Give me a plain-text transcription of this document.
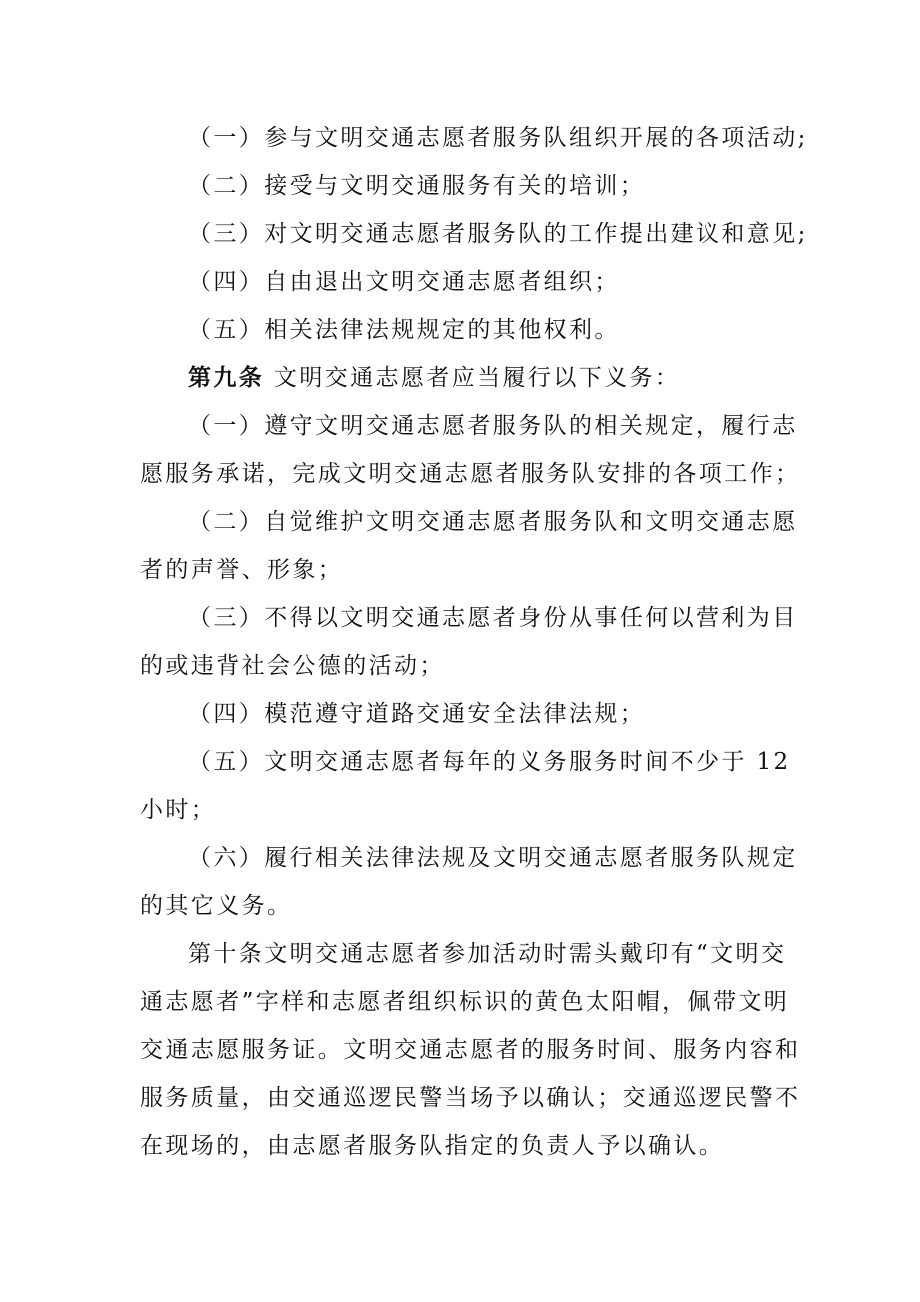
（一）参与文明交通志愿者服务队组织开展的各项活动;
（二）接受与文明交通服务有关的培训；
（三）对文明交通志愿者服务队的工作提出建议和意见;
（四）自由退出文明交通志愿者组织；
（五）相关法律法规规定的其他权利。
第九条 文明交通志愿者应当履行以下义务：
（一）遵守文明交通志愿者服务队的相关规定，履行志
愿服务承诺，完成文明交通志愿者服务队安排的各项工作；
（二）自觉维护文明交通志愿者服务队和文明交通志愿
者的声誉、形象；
（三）不得以文明交通志愿者身份从事任何以营利为目
的或违背社会公德的活动；
（四）模范遵守道路交通安全法律法规；
（五）文明交通志愿者每年的义务服务时间不少于 12
小时；
（六）履行相关法律法规及文明交通志愿者服务队规定
的其它义务。
第十条文明交通志愿者参加活动时需头戴印有“文明交
通志愿者”字样和志愿者组织标识的黄色太阳帽，佩带文明
交通志愿服务证。文明交通志愿者的服务时间、服务内容和
服务质量，由交通巡逻民警当场予以确认；交通巡逻民警不
在现场的，由志愿者服务队指定的负责人予以确认。
